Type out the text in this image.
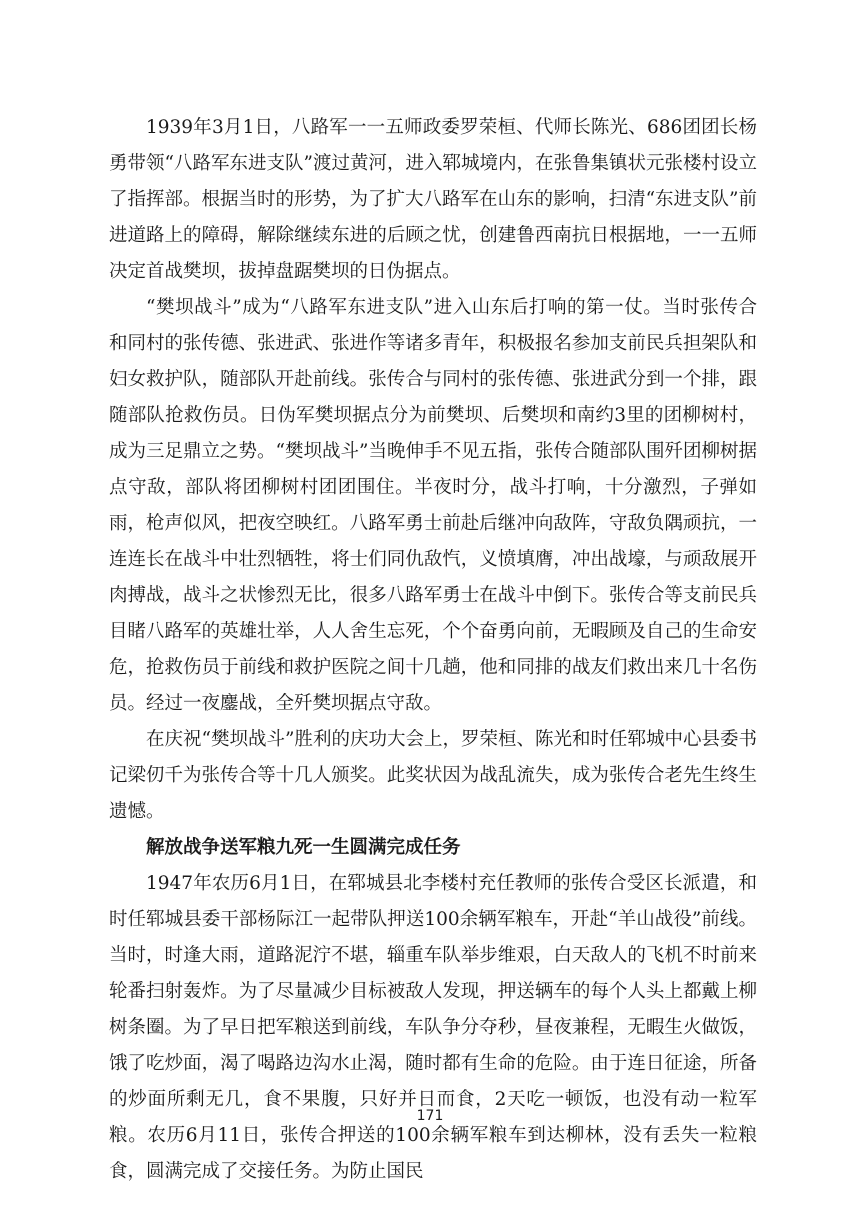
1939年3月1日，八路军一一五师政委罗荣桓、代师长陈光、686团团长杨勇带领“八路军东进支队”渡过黄河，进入郓城境内，在张鲁集镇状元张楼村设立了指挥部。根据当时的形势，为了扩大八路军在山东的影响，扫清“东进支队”前进道路上的障碍，解除继续东进的后顾之忧，创建鲁西南抗日根据地，一一五师决定首战樊坝，拔掉盘踞樊坝的日伪据点。

“樊坝战斗”成为“八路军东进支队”进入山东后打响的第一仗。当时张传合和同村的张传德、张进武、张进作等诸多青年，积极报名参加支前民兵担架队和妇女救护队，随部队开赴前线。张传合与同村的张传德、张进武分到一个排，跟随部队抢救伤员。日伪军樊坝据点分为前樊坝、后樊坝和南约3里的团柳树村，成为三足鼎立之势。“樊坝战斗”当晚伸手不见五指，张传合随部队围歼团柳树据点守敌，部队将团柳树村团团围住。半夜时分，战斗打响，十分激烈，子弹如雨，枪声似风，把夜空映红。八路军勇士前赴后继冲向敌阵，守敌负隅顽抗，一连连长在战斗中壮烈牺牲，将士们同仇敌忾，义愤填膺，冲出战壕，与顽敌展开肉搏战，战斗之状惨烈无比，很多八路军勇士在战斗中倒下。张传合等支前民兵目睹八路军的英雄壮举，人人舍生忘死，个个奋勇向前，无暇顾及自己的生命安危，抢救伤员于前线和救护医院之间十几趟，他和同排的战友们救出来几十名伤员。经过一夜鏖战，全歼樊坝据点守敌。

在庆祝“樊坝战斗”胜利的庆功大会上，罗荣桓、陈光和时任郓城中心县委书记梁仞千为张传合等十几人颁奖。此奖状因为战乱流失，成为张传合老先生终生遗憾。

解放战争送军粮九死一生圆满完成任务

1947年农历6月1日，在郓城县北李楼村充任教师的张传合受区长派遣，和时任郓城县委干部杨际江一起带队押送100余辆军粮车，开赴“羊山战役”前线。当时，时逢大雨，道路泥泞不堪，辎重车队举步维艰，白天敌人的飞机不时前来轮番扫射轰炸。为了尽量减少目标被敌人发现，押送辆车的每个人头上都戴上柳树条圈。为了早日把军粮送到前线，车队争分夺秒，昼夜兼程，无暇生火做饭，饿了吃炒面，渴了喝路边沟水止渴，随时都有生命的危险。由于连日征途，所备的炒面所剩无几，食不果腹，只好并日而食，2天吃一顿饭，也没有动一粒军粮。农历6月11日，张传合押送的100余辆军粮车到达柳林，没有丢失一粒粮食，圆满完成了交接任务。为防止国民

171
